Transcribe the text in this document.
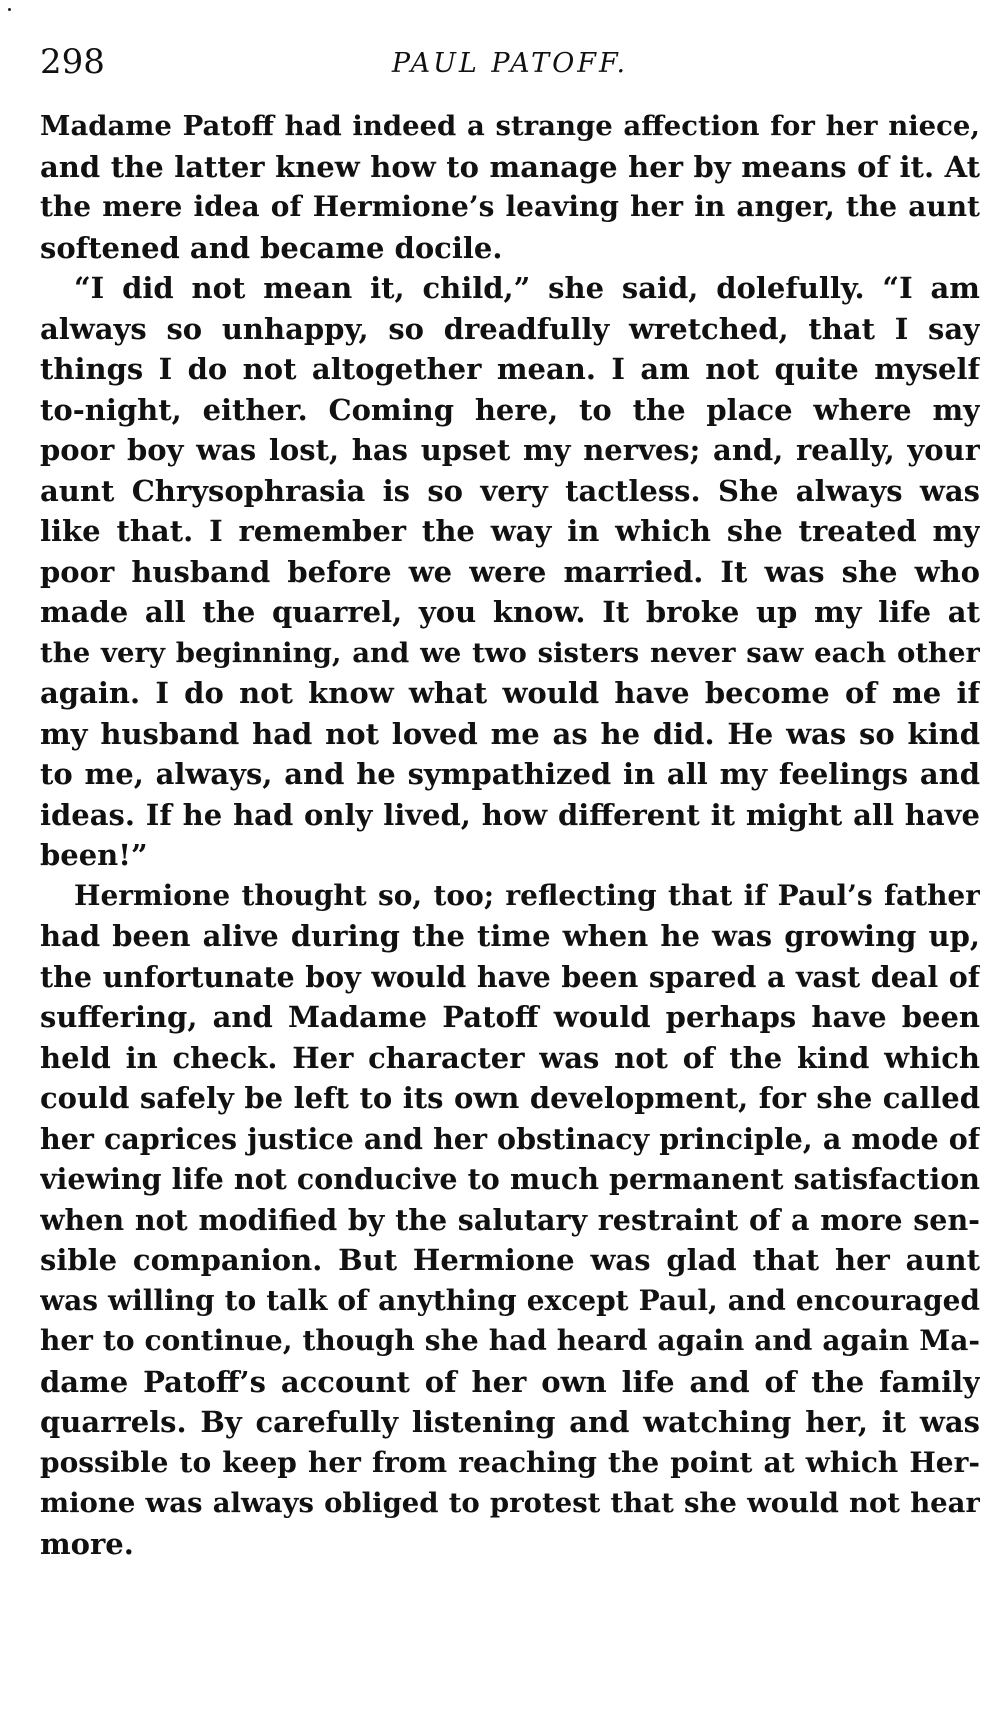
298	PAUL PATOFF.
Madame Patoff had indeed a strange affection for her niece,
and the latter knew how to manage her by means of it. At
the mere idea of Hermione’s leaving her in anger, the aunt
softened and became docile.
“I did not mean it, child,” she said, dolefully. “I am
always so unhappy, so dreadfully wretched, that I say
things I do not altogether mean. I am not quite myself
to-night, either. Coming here, to the place where my
poor boy was lost, has upset my nerves; and, really, your
aunt Chrysophrasia is so very tactless. She always was
like that. I remember the way in which she treated my
poor husband before we were married. It was she who
made all the quarrel, you know. It broke up my life at
the very beginning, and we two sisters never saw each other
again. I do not know what would have become of me if
my husband had not loved me as he did. He was so kind
to me, always, and he sympathized in all my feelings and
ideas. If he had only lived, how different it might all have
been!”
Hermione thought so, too; reflecting that if Paul’s father
had been alive during the time when he was growing up,
the unfortunate boy would have been spared a vast deal of
suffering, and Madame Patoff would perhaps have been
held in check. Her character was not of the kind which
could safely be left to its own development, for she called
her caprices justice and her obstinacy principle, a mode of
viewing life not conducive to much permanent satisfaction
when not modified by the salutary restraint of a more sen-
sible companion. But Hermione was glad that her aunt
was willing to talk of anything except Paul, and encouraged
her to continue, though she had heard again and again Ma-
dame Patoff’s account of her own life and of the family
quarrels. By carefully listening and watching her, it was
possible to keep her from reaching the point at which Her-
mione was always obliged to protest that she would not hear
more.
